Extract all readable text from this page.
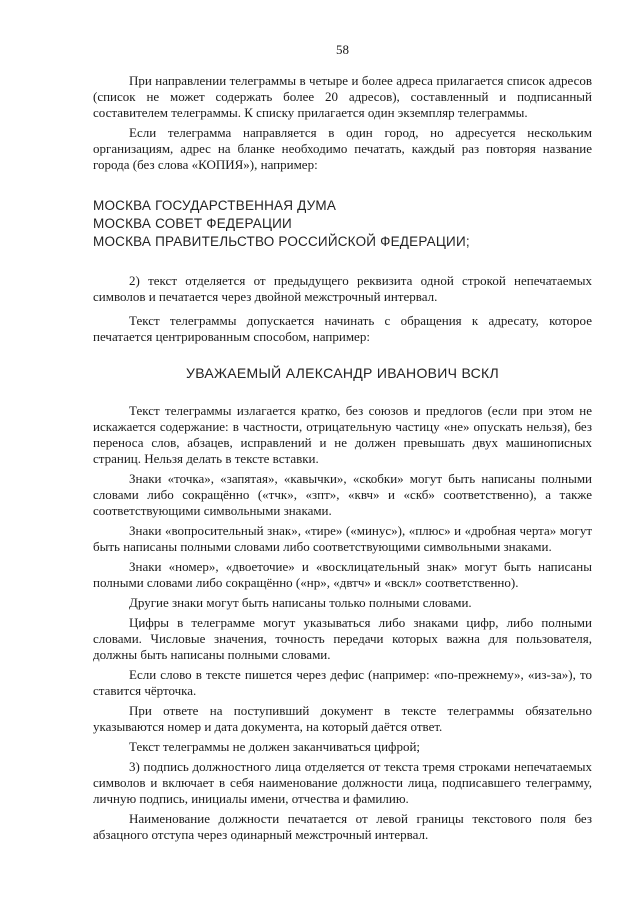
58

При направлении телеграммы в четыре и более адреса прилагается список адресов (список не может содержать более 20 адресов), составленный и подписанный составителем телеграммы. К списку прилагается один экземпляр телеграммы.

Если телеграмма направляется в один город, но адресуется нескольким организациям, адрес на бланке необходимо печатать, каждый раз повторяя название города (без слова «КОПИЯ»), например:

МОСКВА ГОСУДАРСТВЕННАЯ ДУМА
МОСКВА СОВЕТ ФЕДЕРАЦИИ
МОСКВА ПРАВИТЕЛЬСТВО РОССИЙСКОЙ ФЕДЕРАЦИИ;

2) текст отделяется от предыдущего реквизита одной строкой непечатаемых символов и печатается через двойной межстрочный интервал.

Текст телеграммы допускается начинать с обращения к адресату, которое печатается центрированным способом, например:

УВАЖАЕМЫЙ АЛЕКСАНДР ИВАНОВИЧ ВСКЛ

Текст телеграммы излагается кратко, без союзов и предлогов (если при этом не искажается содержание: в частности, отрицательную частицу «не» опускать нельзя), без переноса слов, абзацев, исправлений и не должен превышать двух машинописных страниц. Нельзя делать в тексте вставки.

Знаки «точка», «запятая», «кавычки», «скобки» могут быть написаны полными словами либо сокращённо («тчк», «зпт», «квч» и «скб» соответственно), а также соответствующими символьными знаками.

Знаки «вопросительный знак», «тире» («минус»), «плюс» и «дробная черта» могут быть написаны полными словами либо соответствующими символьными знаками.

Знаки «номер», «двоеточие» и «восклицательный знак» могут быть написаны полными словами либо сокращённо («нр», «двтч» и «вскл» соответственно).

Другие знаки могут быть написаны только полными словами.

Цифры в телеграмме могут указываться либо знаками цифр, либо полными словами. Числовые значения, точность передачи которых важна для пользователя, должны быть написаны полными словами.

Если слово в тексте пишется через дефис (например: «по-прежнему», «из-за»), то ставится чёрточка.

При ответе на поступивший документ в тексте телеграммы обязательно указываются номер и дата документа, на который даётся ответ.

Текст телеграммы не должен заканчиваться цифрой;

3) подпись должностного лица отделяется от текста тремя строками непечатаемых символов и включает в себя наименование должности лица, подписавшего телеграмму, личную подпись, инициалы имени, отчества и фамилию.

Наименование должности печатается от левой границы текстового поля без абзацного отступа через одинарный межстрочный интервал.
